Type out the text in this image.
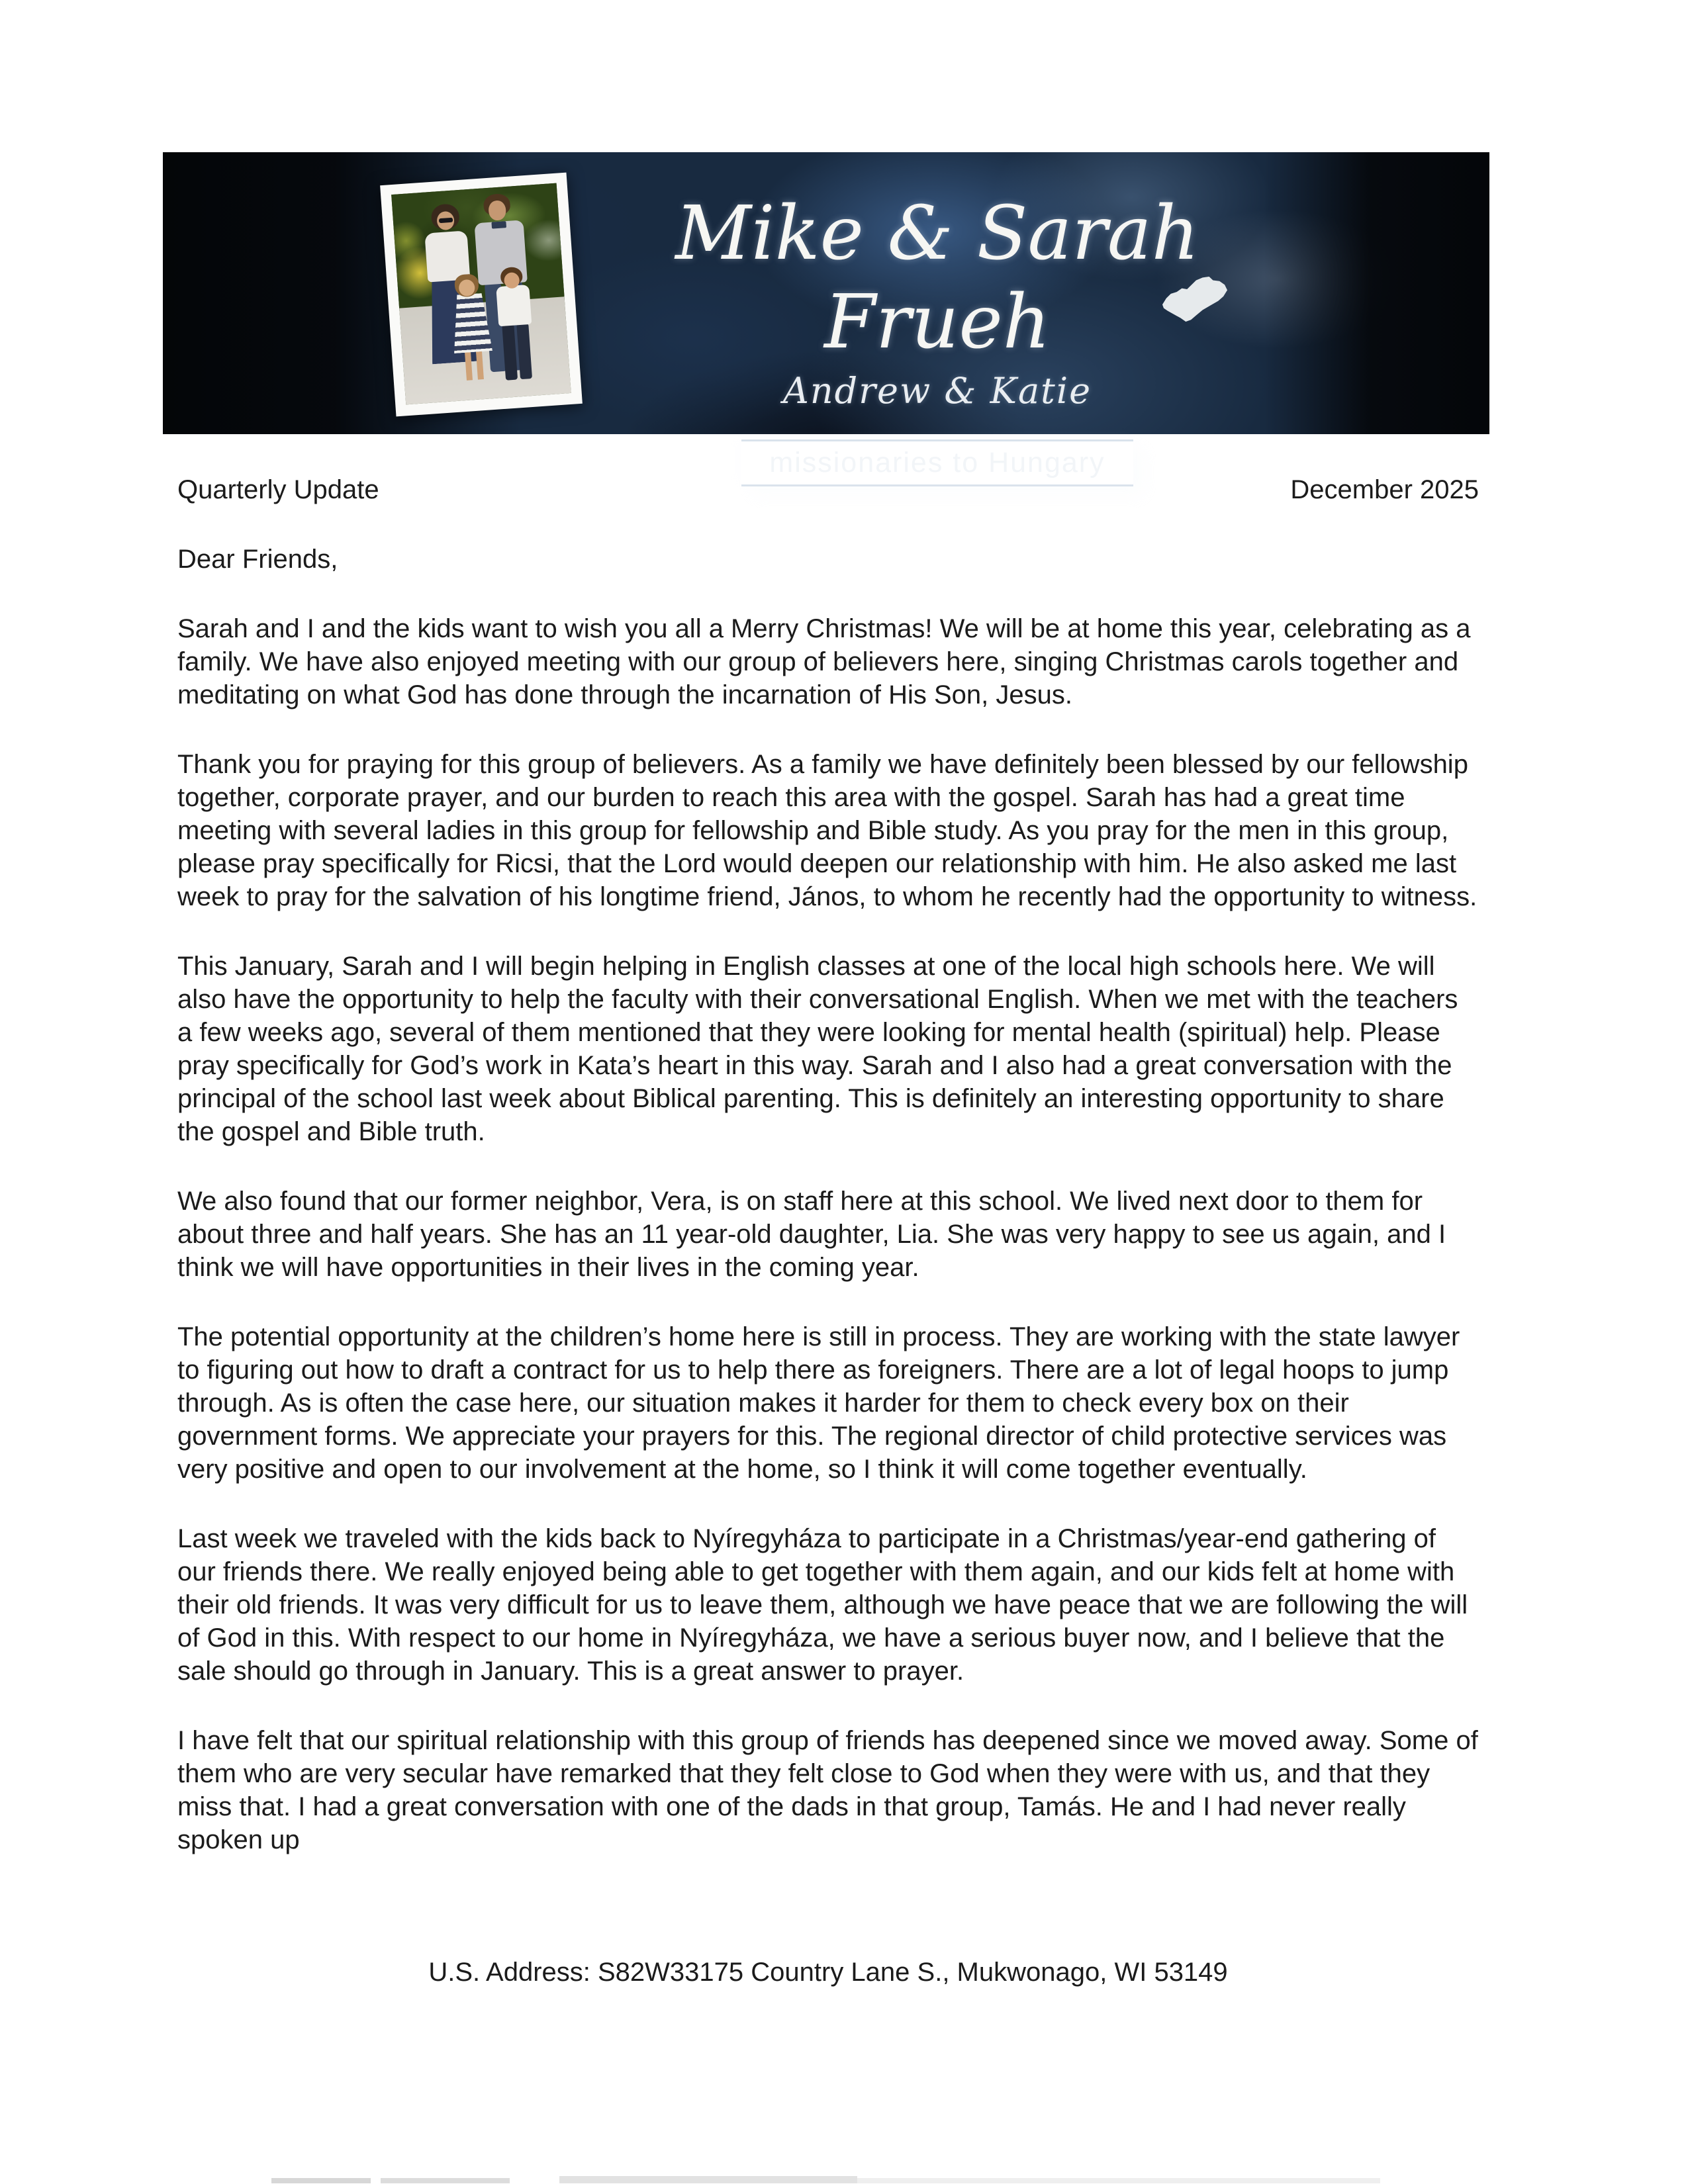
Mike & Sarah Frueh
Andrew & Katie
missionaries to Hungary
Quarterly Update	December 2025

Dear Friends,

Sarah and I and the kids want to wish you all a Merry Christmas! We will be at home this year, celebrating as a family. We have also enjoyed meeting with our group of believers here, singing Christmas carols together and meditating on what God has done through the incarnation of His Son, Jesus.

Thank you for praying for this group of believers. As a family we have definitely been blessed by our fellowship together, corporate prayer, and our burden to reach this area with the gospel. Sarah has had a great time meeting with several ladies in this group for fellowship and Bible study. As you pray for the men in this group, please pray specifically for Ricsi, that the Lord would deepen our relationship with him. He also asked me last week to pray for the salvation of his longtime friend, János, to whom he recently had the opportunity to witness.

This January, Sarah and I will begin helping in English classes at one of the local high schools here. We will also have the opportunity to help the faculty with their conversational English. When we met with the teachers a few weeks ago, several of them mentioned that they were looking for mental health (spiritual) help. Please pray specifically for God’s work in Kata’s heart in this way. Sarah and I also had a great conversation with the principal of the school last week about Biblical parenting. This is definitely an interesting opportunity to share the gospel and Bible truth.

We also found that our former neighbor, Vera, is on staff here at this school. We lived next door to them for about three and half years. She has an 11 year-old daughter, Lia. She was very happy to see us again, and I think we will have opportunities in their lives in the coming year.

The potential opportunity at the children’s home here is still in process. They are working with the state lawyer to figuring out how to draft a contract for us to help there as foreigners. There are a lot of legal hoops to jump through. As is often the case here, our situation makes it harder for them to check every box on their government forms. We appreciate your prayers for this. The regional director of child protective services was very positive and open to our involvement at the home, so I think it will come together eventually.

Last week we traveled with the kids back to Nyíregyháza to participate in a Christmas/year-end gathering of our friends there. We really enjoyed being able to get together with them again, and our kids felt at home with their old friends. It was very difficult for us to leave them, although we have peace that we are following the will of God in this. With respect to our home in Nyíregyháza, we have a serious buyer now, and I believe that the sale should go through in January. This is a great answer to prayer.

I have felt that our spiritual relationship with this group of friends has deepened since we moved away. Some of them who are very secular have remarked that they felt close to God when they were with us, and that they miss that. I had a great conversation with one of the dads in that group, Tamás. He and I had never really spoken up

U.S. Address: S82W33175 Country Lane S., Mukwonago, WI 53149
